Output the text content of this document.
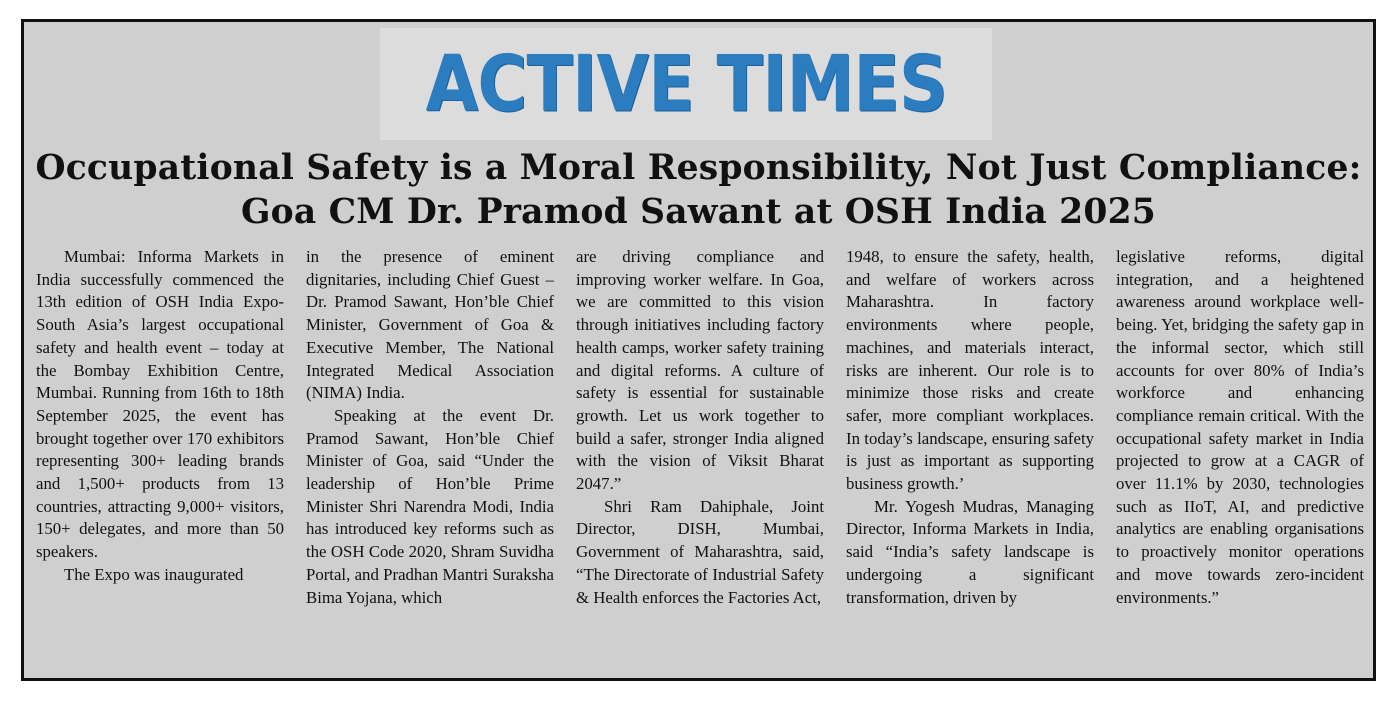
ACTIVE TIMES
Occupational Safety is a Moral Responsibility, Not Just Compliance: Goa CM Dr. Pramod Sawant at OSH India 2025

Mumbai: Informa Markets in India successfully commenced the 13th edition of OSH India Expo-South Asia’s largest occupational safety and health event – today at the Bombay Exhibition Centre, Mumbai. Running from 16th to 18th September 2025, the event has brought together over 170 exhibitors representing 300+ leading brands and 1,500+ products from 13 countries, attracting 9,000+ visitors, 150+ delegates, and more than 50 speakers.

The Expo was inaugurated

in the presence of eminent dignitaries, including Chief Guest – Dr. Pramod Sawant, Hon’ble Chief Minister, Government of Goa & Executive Member, The National Integrated Medical Association (NIMA) India.

Speaking at the event Dr. Pramod Sawant, Hon’ble Chief Minister of Goa, said “Under the leadership of Hon’ble Prime Minister Shri Narendra Modi, India has introduced key reforms such as the OSH Code 2020, Shram Suvidha Portal, and Pradhan Mantri Suraksha Bima Yojana, which

are driving compliance and improving worker welfare. In Goa, we are committed to this vision through initiatives including factory health camps, worker safety training and digital reforms. A culture of safety is essential for sustainable growth. Let us work together to build a safer, stronger India aligned with the vision of Viksit Bharat 2047.”

Shri Ram Dahiphale, Joint Director, DISH, Mumbai, Government of Maharashtra, said, “The Directorate of Industrial Safety & Health enforces the Factories Act,

1948, to ensure the safety, health, and welfare of workers across Maharashtra. In factory environments where people, machines, and materials interact, risks are inherent. Our role is to minimize those risks and create safer, more compliant workplaces. In today’s landscape, ensuring safety is just as important as supporting business growth.’

Mr. Yogesh Mudras, Managing Director, Informa Markets in India, said “India’s safety landscape is undergoing a significant transformation, driven by

legislative reforms, digital integration, and a heightened awareness around workplace well-being. Yet, bridging the safety gap in the informal sector, which still accounts for over 80% of India’s workforce and enhancing compliance remain critical. With the occupational safety market in India projected to grow at a CAGR of over 11.1% by 2030, technologies such as IIoT, AI, and predictive analytics are enabling organisations to proactively monitor operations and move towards zero-incident environments.”
